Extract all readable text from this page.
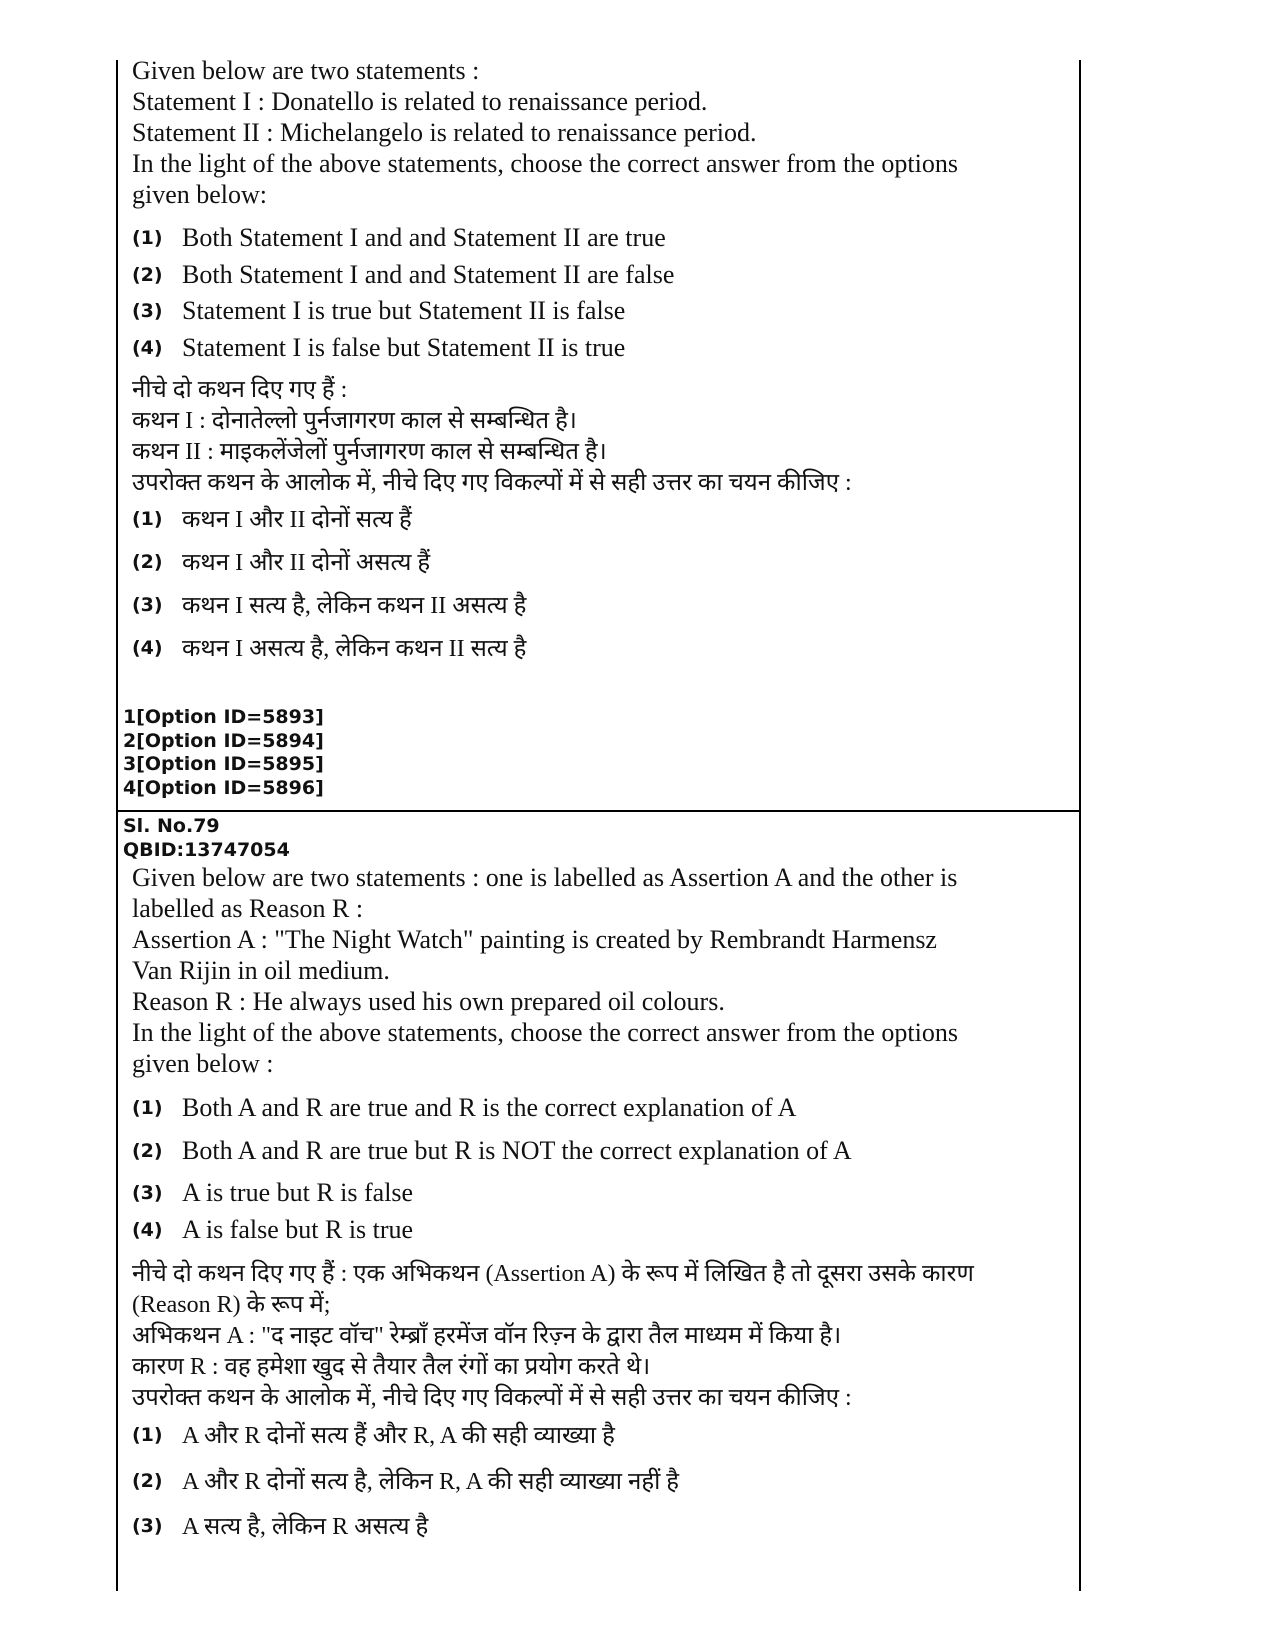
Given below are two statements :
Statement I : Donatello is related to renaissance period.
Statement II : Michelangelo is related to renaissance period.
In the light of the above statements, choose the correct answer from the options
given below:
(1) Both Statement I and and Statement II are true
(2) Both Statement I and and Statement II are false
(3) Statement I is true but Statement II is false
(4) Statement I is false but Statement II is true
नीचे दो कथन दिए गए हैं :
कथन I : दोनातेल्लो पुर्नजागरण काल से सम्बन्धित है।
कथन II : माइकलेंजेलों पुर्नजागरण काल से सम्बन्धित है।
उपरोक्त कथन के आलोक में, नीचे दिए गए विकल्पों में से सही उत्तर का चयन कीजिए :
(1) कथन I और II दोनों सत्य हैं
(2) कथन I और II दोनों असत्य हैं
(3) कथन I सत्य है, लेकिन कथन II असत्य है
(4) कथन I असत्य है, लेकिन कथन II सत्य है
1[Option ID=5893]
2[Option ID=5894]
3[Option ID=5895]
4[Option ID=5896]
Sl. No.79
QBID:13747054
Given below are two statements : one is labelled as Assertion A and the other is
labelled as Reason R :
Assertion A : "The Night Watch" painting is created by Rembrandt Harmensz
Van Rijin in oil medium.
Reason R : He always used his own prepared oil colours.
In the light of the above statements, choose the correct answer from the options
given below :
(1) Both A and R are true and R is the correct explanation of A
(2) Both A and R are true but R is NOT the correct explanation of A
(3) A is true but R is false
(4) A is false but R is true
नीचे दो कथन दिए गए हैं : एक अभिकथन (Assertion A) के रूप में लिखित है तो दूसरा उसके कारण
(Reason R) के रूप में;
अभिकथन A : "द नाइट वॉच" रेम्ब्राँ हरमेंज वॉन रिज़्न के द्वारा तैल माध्यम में किया है।
कारण R : वह हमेशा खुद से तैयार तैल रंगों का प्रयोग करते थे।
उपरोक्त कथन के आलोक में, नीचे दिए गए विकल्पों में से सही उत्तर का चयन कीजिए :
(1) A और R दोनों सत्य हैं और R, A की सही व्याख्या है
(2) A और R दोनों सत्य है, लेकिन R, A की सही व्याख्या नहीं है
(3) A सत्य है, लेकिन R असत्य है
